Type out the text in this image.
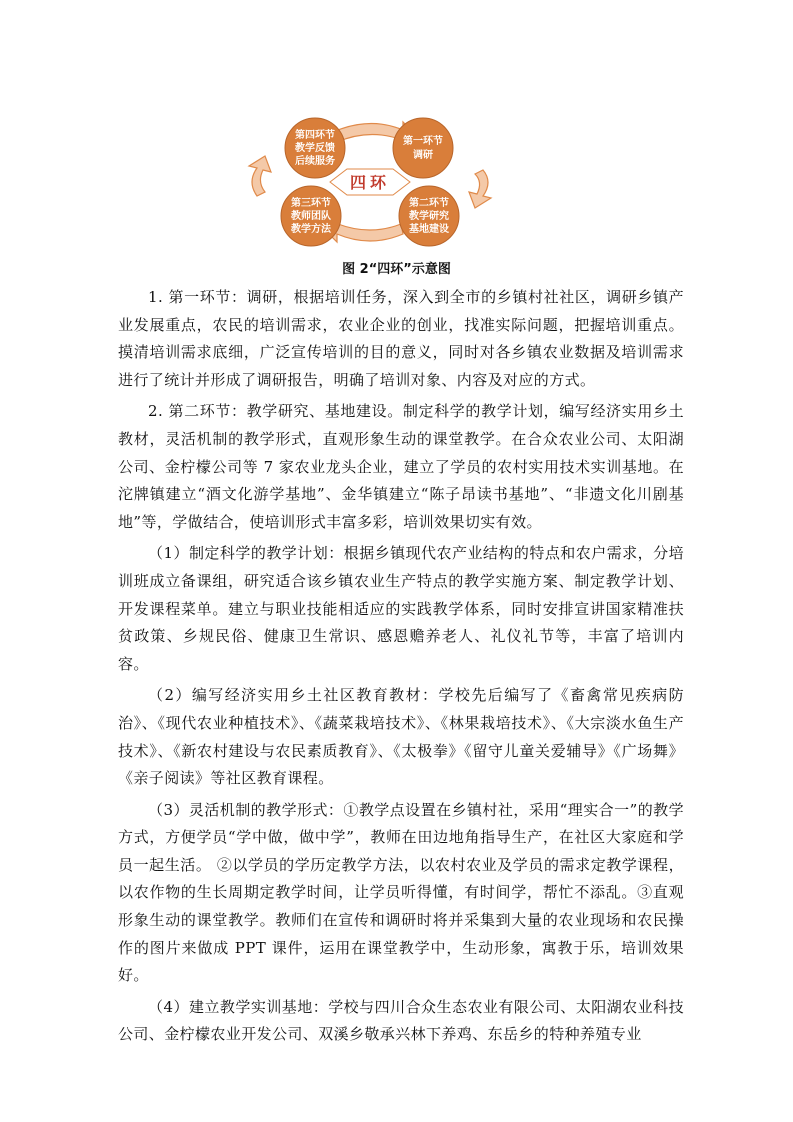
四环
第一环节
调研
第二环节
教学研究
基地建设
第三环节
教师团队
教学方法
第四环节
教学反馈
后续服务
图 2“四环”示意图

1. 第一环节：调研，根据培训任务，深入到全市的乡镇村社社区，调研乡镇产业发展重点，农民的培训需求，农业企业的创业，找准实际问题，把握培训重点。摸清培训需求底细，广泛宣传培训的目的意义，同时对各乡镇农业数据及培训需求进行了统计并形成了调研报告，明确了培训对象、内容及对应的方式。

2. 第二环节：教学研究、基地建设。制定科学的教学计划，编写经济实用乡土教材，灵活机制的教学形式，直观形象生动的课堂教学。在合众农业公司、太阳湖公司、金柠檬公司等 7 家农业龙头企业，建立了学员的农村实用技术实训基地。在沱牌镇建立“酒文化游学基地”、金华镇建立“陈子昂读书基地”、“非遗文化川剧基地”等，学做结合，使培训形式丰富多彩，培训效果切实有效。

（1）制定科学的教学计划：根据乡镇现代农产业结构的特点和农户需求，分培训班成立备课组，研究适合该乡镇农业生产特点的教学实施方案、制定教学计划、开发课程菜单。建立与职业技能相适应的实践教学体系，同时安排宣讲国家精准扶贫政策、乡规民俗、健康卫生常识、感恩赡养老人、礼仪礼节等，丰富了培训内容。

（2）编写经济实用乡土社区教育教材：学校先后编写了《畜禽常见疾病防治》、《现代农业种植技术》、《蔬菜栽培技术》、《林果栽培技术》、《大宗淡水鱼生产技术》、《新农村建设与农民素质教育》、《太极拳》《留守儿童关爱辅导》《广场舞》《亲子阅读》等社区教育课程。

（3）灵活机制的教学形式：①教学点设置在乡镇村社，采用“理实合一”的教学方式，方便学员“学中做，做中学”，教师在田边地角指导生产，在社区大家庭和学员一起生活。 ②以学员的学历定教学方法，以农村农业及学员的需求定教学课程，以农作物的生长周期定教学时间，让学员听得懂，有时间学，帮忙不添乱。③直观形象生动的课堂教学。教师们在宣传和调研时将并采集到大量的农业现场和农民操作的图片来做成 PPT 课件，运用在课堂教学中，生动形象，寓教于乐，培训效果好。

（4）建立教学实训基地：学校与四川合众生态农业有限公司、太阳湖农业科技公司、金柠檬农业开发公司、双溪乡敬承兴林下养鸡、东岳乡的特种养殖专业
